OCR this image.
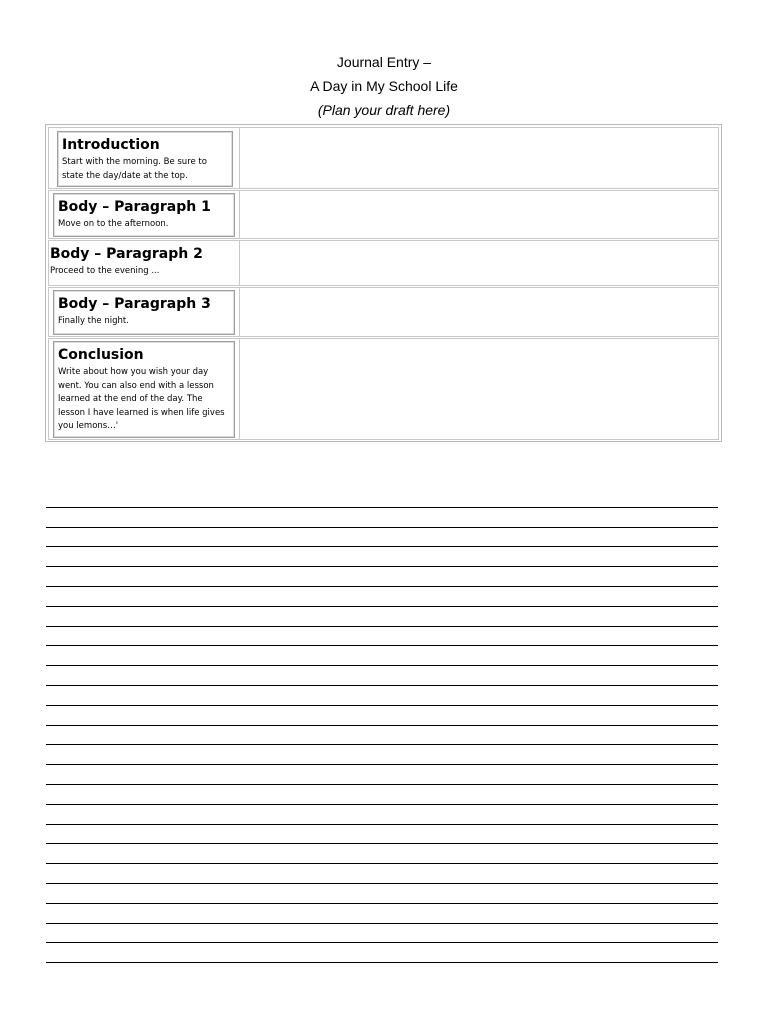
Journal Entry –
A Day in My School Life
(Plan your draft here)
Introduction
Start with the morning. Be sure to state the day/date at the top.
Body – Paragraph 1
Move on to the afternoon.
Body – Paragraph 2
Proceed to the evening ...
Body – Paragraph 3
Finally the night.
Conclusion
Write about how you wish your day went. You can also end with a lesson learned at the end of the day. The lesson I have learned is when life gives you lemons…'
